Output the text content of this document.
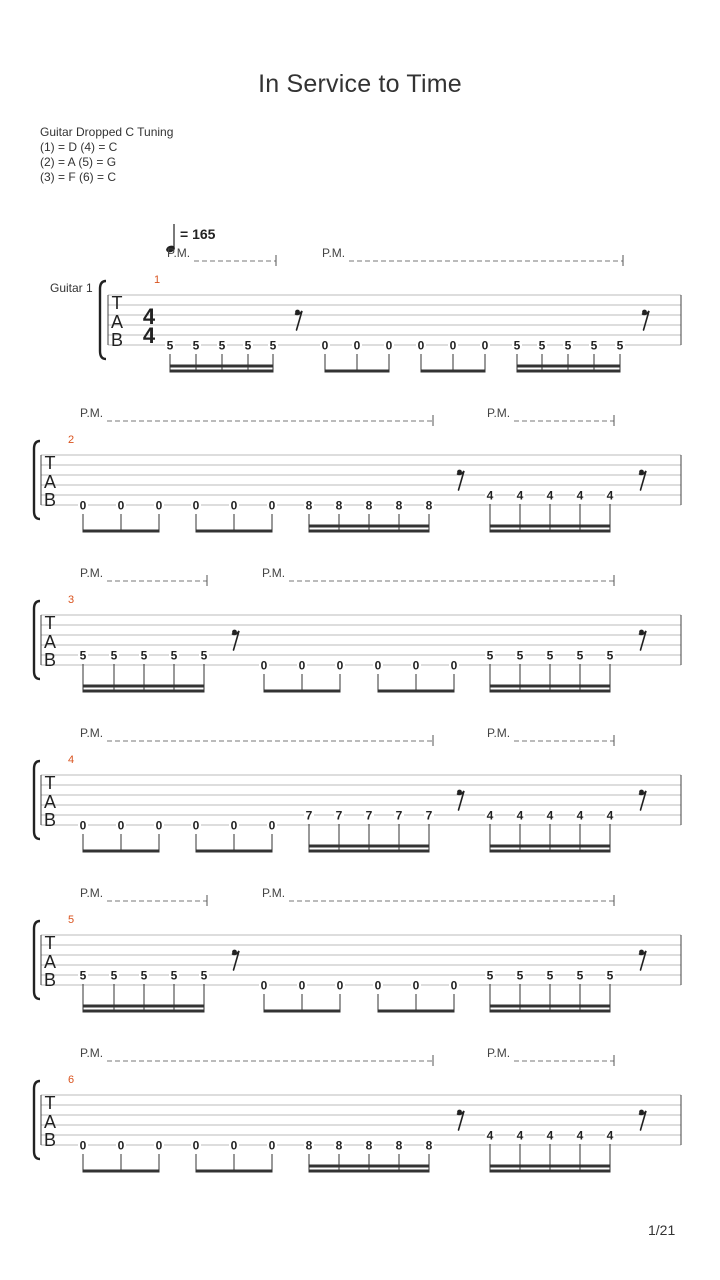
In Service to Time
Guitar Dropped C Tuning
(1) = D (4) = C
(2) = A (5) = G
(3) = F (6) = C
= 165
P.M.	P.M.
1
T
A
B
4
4
Guitar 1
5 5 5 5 5	0 0 0 0 0 0 5 5 5 5 5
P.M.	P.M.
2
T
A
B 0	0	0	0	0	0	8 8 8 8 8
4 4 4 4 4
P.M.	P.M.
3
T
A
B 5 5 5 5 5
0	0	0	0	0	0
5 5 5 5 5
P.M.	P.M.
4
T
A
B 0	0	0	0	0	0
7 7 7 7 7	4 4 4 4 4
P.M.	P.M.
5
T
A
B 5 5 5 5 5
0	0	0	0	0	0
5 5 5 5 5
P.M.	P.M.
6
T
A
B 0	0	0	0	0	0	8 8 8 8 8
4 4 4 4 4
1/21
